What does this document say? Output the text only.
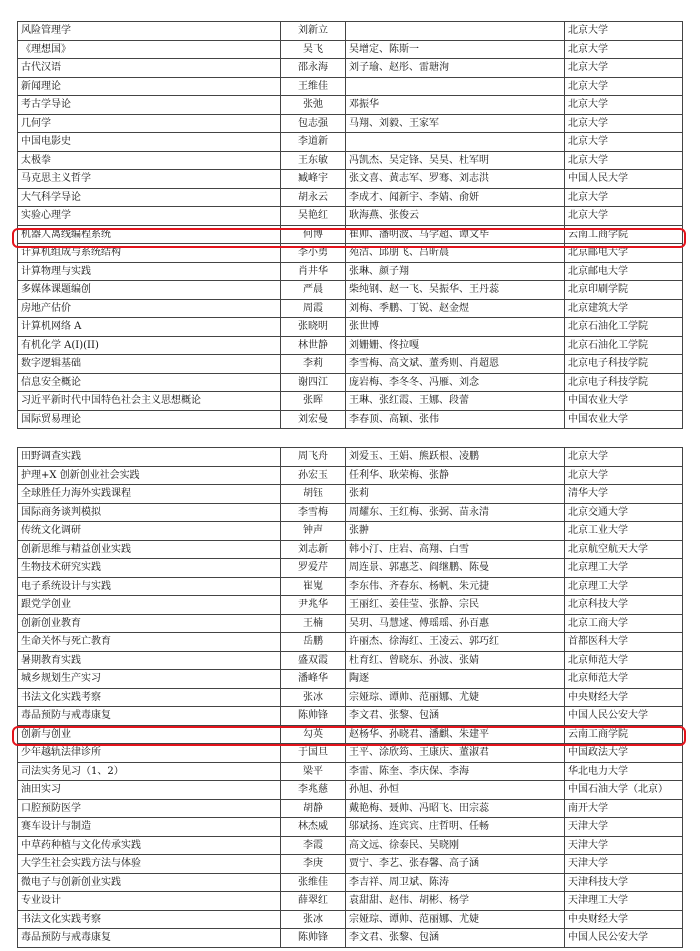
风险管理学	刘新立		北京大学
《理想国》	吴飞	吴增定、陈斯一	北京大学
古代汉语	邵永海	刘子瑜、赵彤、雷瑭洵	北京大学
新闻理论	王维佳		北京大学
考古学导论	张弛	邓振华	北京大学
几何学	包志强	马翔、刘毅、王家军	北京大学
中国电影史	李道新		北京大学
太极拳	王东敏	冯凯杰、吴定锋、吴昊、杜军明	北京大学
马克思主义哲学	臧峰宇	张文喜、黄志军、罗骞、刘志洪	中国人民大学
大气科学导论	胡永云	李成才、闻新宇、李婧、俞妍	北京大学
实验心理学	吴艳红	耿海燕、张俊云	北京大学
机器人离线编程系统	何博	崔帅、潘明波、马学超、谭文毕	云南工商学院
计算机组成与系统结构	李小勇	苑洁、邱朋飞、吕昕晨	北京邮电大学
计算物理与实践	肖井华	张琳、颜子翔	北京邮电大学
多媒体课题编创	严晨	柴纯钢、赵一飞、吴振华、王丹蕊	北京印刷学院
房地产估价	周霞	刘梅、季鹏、丁锐、赵金煜	北京建筑大学
计算机网络 A	张晓明	张世博	北京石油化工学院
有机化学 A(I)(II)	林世静	刘姗姗、佟拉嘎	北京石油化工学院
数字逻辑基础	李莉	李雪梅、高文斌、董秀则、肖超恩	北京电子科技学院
信息安全概论	谢四江	庞岩梅、李冬冬、冯雁、刘念	北京电子科技学院
习近平新时代中国特色社会主义思想概论	张晖	王琳、张红霞、王娜、段蕾	中国农业大学
国际贸易理论	刘宏曼	李春顶、高颖、张伟	中国农业大学
田野调查实践	周飞舟	刘爱玉、王娟、熊跃根、凌鹏	北京大学
护理+X 创新创业社会实践	孙宏玉	任利华、耿荣梅、张静	北京大学
全球胜任力海外实践课程	胡钰	张莉	清华大学
国际商务谈判模拟	李雪梅	周耀东、王红梅、张弼、苗永清	北京交通大学
传统文化调研	钟声	张翀	北京工业大学
创新思维与精益创业实践	刘志新	韩小汀、庄岩、高翔、白雪	北京航空航天大学
生物技术研究实践	罗爱芹	周连景、郭惠芝、阎继鹏、陈曼	北京理工大学
电子系统设计与实践	崔嵬	李东伟、齐春东、杨帆、朱元捷	北京理工大学
跟党学创业	尹兆华	王丽红、姜佳莹、张静、宗民	北京科技大学
创新创业教育	王楠	吴玥、马慧逑、傅瑶瑶、孙百惠	北京工商大学
生命关怀与死亡教育	岳鹏	许丽杰、徐海红、王凌云、郭巧红	首都医科大学
暑期教育实践	盛双霞	杜育红、曾晓东、孙波、张婧	北京师范大学
城乡规划生产实习	潘峰华	陶逐	北京师范大学
书法文化实践考察	张冰	宗娅琮、谭帅、范丽娜、尤婕	中央财经大学
毒品预防与戒毒康复	陈帅锋	李文君、张黎、包涵	中国人民公安大学
创新与创业	勾英	赵杨华、孙晓君、潘麒、朱建平	云南工商学院
少年越轨法律诊所	于国旦	王平、涂欣筠、王康庆、董淑君	中国政法大学
司法实务见习（1、2）	梁平	李雷、陈奎、李庆保、李海	华北电力大学
油田实习	李兆慈	孙旭、孙恒	中国石油大学（北京）
口腔预防医学	胡静	戴艳梅、聂帅、冯昭飞、田宗蕊	南开大学
赛车设计与制造	林杰威	邬斌扬、连宾宾、庄哲明、任畅	天津大学
中草药种植与文化传承实践	李霞	高文远、徐泰民、吴晓刚	天津大学
大学生社会实践方法与体验	李庚	贾宁、李艺、张春馨、高子涵	天津大学
微电子与创新创业实践	张维佳	李吉祥、周卫斌、陈涛	天津科技大学
专业设计	薛翠红	袁甜甜、赵伟、胡彬、杨学	天津理工大学
书法文化实践考察	张冰	宗娅琮、谭帅、范丽娜、尤婕	中央财经大学
毒品预防与戒毒康复	陈帅锋	李文君、张黎、包涵	中国人民公安大学
